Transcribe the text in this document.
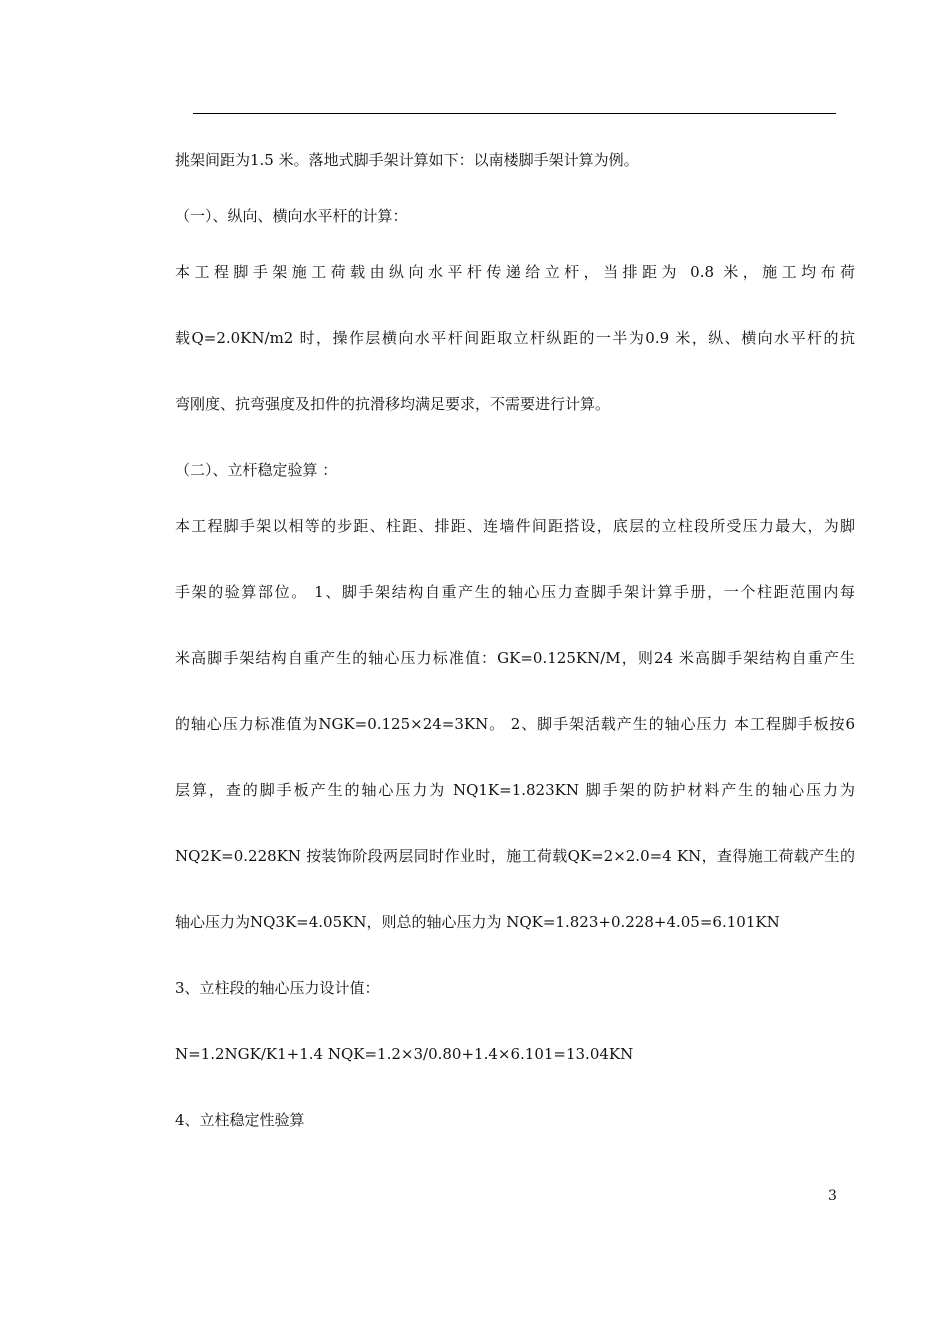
挑架间距为1.5 米。落地式脚手架计算如下：以南楼脚手架计算为例。
（一）、纵向、横向水平杆的计算：
本工程脚手架施工荷载由纵向水平杆传递给立杆，当排距为 0.8 米，施工均布荷
载Q=2.0KN/m2 时，操作层横向水平杆间距取立杆纵距的一半为0.9 米，纵、横向水平杆的抗
弯刚度、抗弯强度及扣件的抗滑移均满足要求，不需要进行计算。
（二）、立杆稳定验算 ：
本工程脚手架以相等的步距、柱距、排距、连墙件间距搭设，底层的立柱段所受压力最大，为脚
手架的验算部位。 1、脚手架结构自重产生的轴心压力查脚手架计算手册，一个柱距范围内每
米高脚手架结构自重产生的轴心压力标准值：GK=0.125KN/M，则24 米高脚手架结构自重产生
的轴心压力标准值为NGK=0.125×24=3KN。 2、脚手架活载产生的轴心压力 本工程脚手板按6
层算，查的脚手板产生的轴心压力为 NQ1K=1.823KN 脚手架的防护材料产生的轴心压力为
NQ2K=0.228KN 按装饰阶段两层同时作业时，施工荷载QK=2×2.0=4 KN，查得施工荷载产生的
轴心压力为NQ3K=4.05KN，则总的轴心压力为 NQK=1.823+0.228+4.05=6.101KN
3、立柱段的轴心压力设计值：
N=1.2NGK/K1+1.4 NQK=1.2×3/0.80+1.4×6.101=13.04KN
4、立柱稳定性验算
3
